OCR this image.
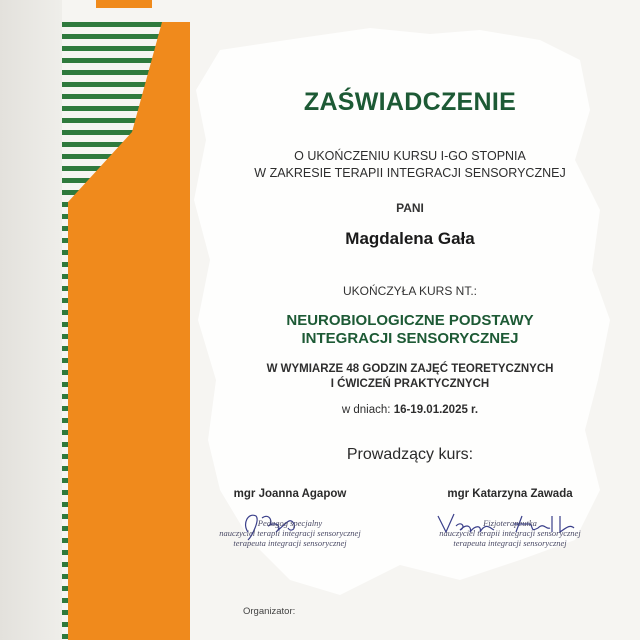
ZAŚWIADCZENIE
O UKOŃCZENIU KURSU I-GO STOPNIA
W ZAKRESIE TERAPII INTEGRACJI SENSORYCZNEJ
PANI
Magdalena Gała
UKOŃCZYŁA KURS NT.:
NEUROBIOLOGICZNE PODSTAWY
INTEGRACJI SENSORYCZNEJ
W WYMIARZE 48 GODZIN ZAJĘĆ TEORETYCZNYCH
I ĆWICZEŃ PRAKTYCZNYCH
w dniach: 16-19.01.2025 r.
Prowadzący kurs:
mgr Joanna Agapow
Pedagog specjalny
nauczyciel terapii integracji sensorycznej
terapeuta integracji sensorycznej
mgr Katarzyna Zawada
Fizjoterapeutka
nauczyciel terapii integracji sensorycznej
terapeuta integracji sensorycznej
Organizator:
